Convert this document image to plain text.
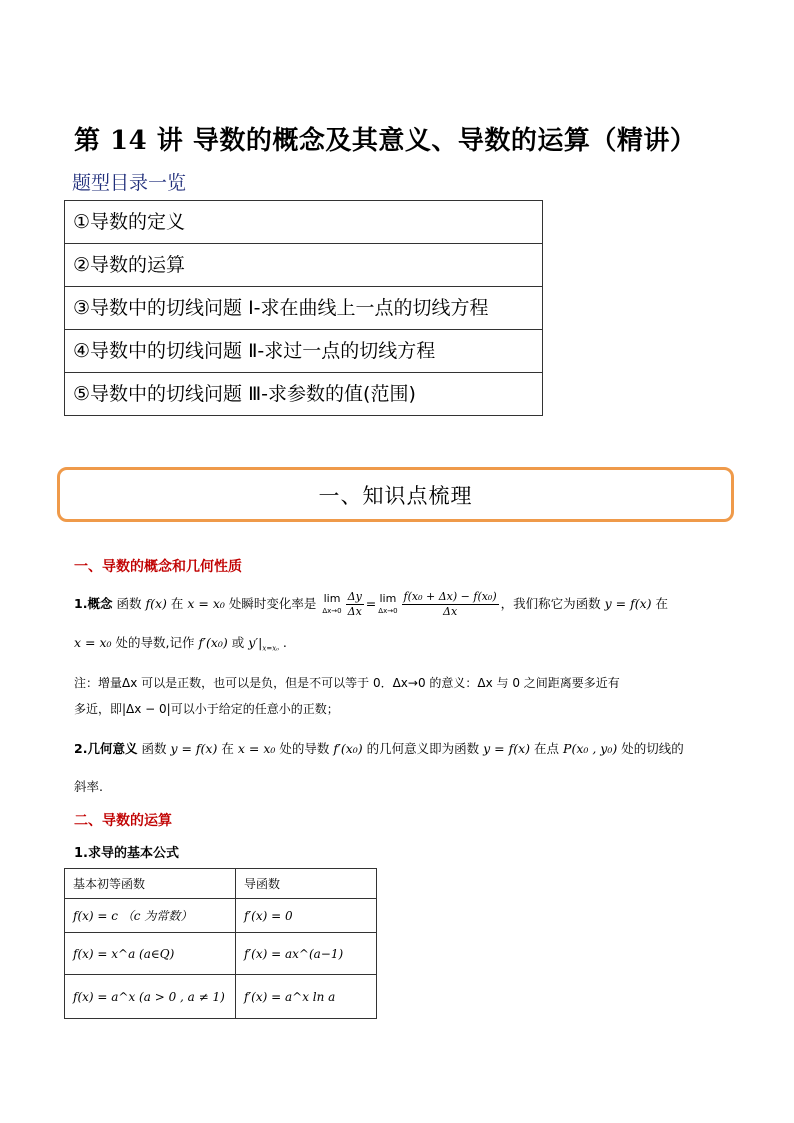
第 14 讲 导数的概念及其意义、导数的运算（精讲）
题型目录一览
①导数的定义
②导数的运算
③导数中的切线问题 Ⅰ-求在曲线上一点的切线方程
④导数中的切线问题 Ⅱ-求过一点的切线方程
⑤导数中的切线问题 Ⅲ-求参数的值(范围)
一、知识点梳理
一、导数的概念和几何性质
1.概念 函数 f(x) 在 x = x₀ 处瞬时变化率是 lim
$\Delta x\to 0 \frac{\Delta y}{\Delta x} = \lim$
$\Delta x\to 0 \frac{\text{f(x₀ + Δx) − f(x₀)}}{\Delta x}$ ，我们称它为函数 y = f(x) 在
x = x₀ 处的导数,记作 f′(x₀) 或 $y'|_{x=x_0}$ .
注：增量Δx 可以是正数，也可以是负，但是不可以等于 0．Δx→0 的意义：Δx 与 0 之间距离要多近有
多近，即|Δx − 0|可以小于给定的任意小的正数；
2.几何意义 函数 y = f(x) 在 x = x₀ 处的导数 f′(x₀) 的几何意义即为函数 y = f(x) 在点 P(x₀ , y₀) 处的切线的
斜率.
二、导数的运算
1.求导的基本公式
基本初等函数	导函数
f(x) = c （c 为常数）	f′(x) = 0
f(x) = x^a (a∈Q)	f′(x) = ax^(a−1)
f(x) = a^x (a > 0 , a ≠ 1)	f′(x) = a^x ln a
